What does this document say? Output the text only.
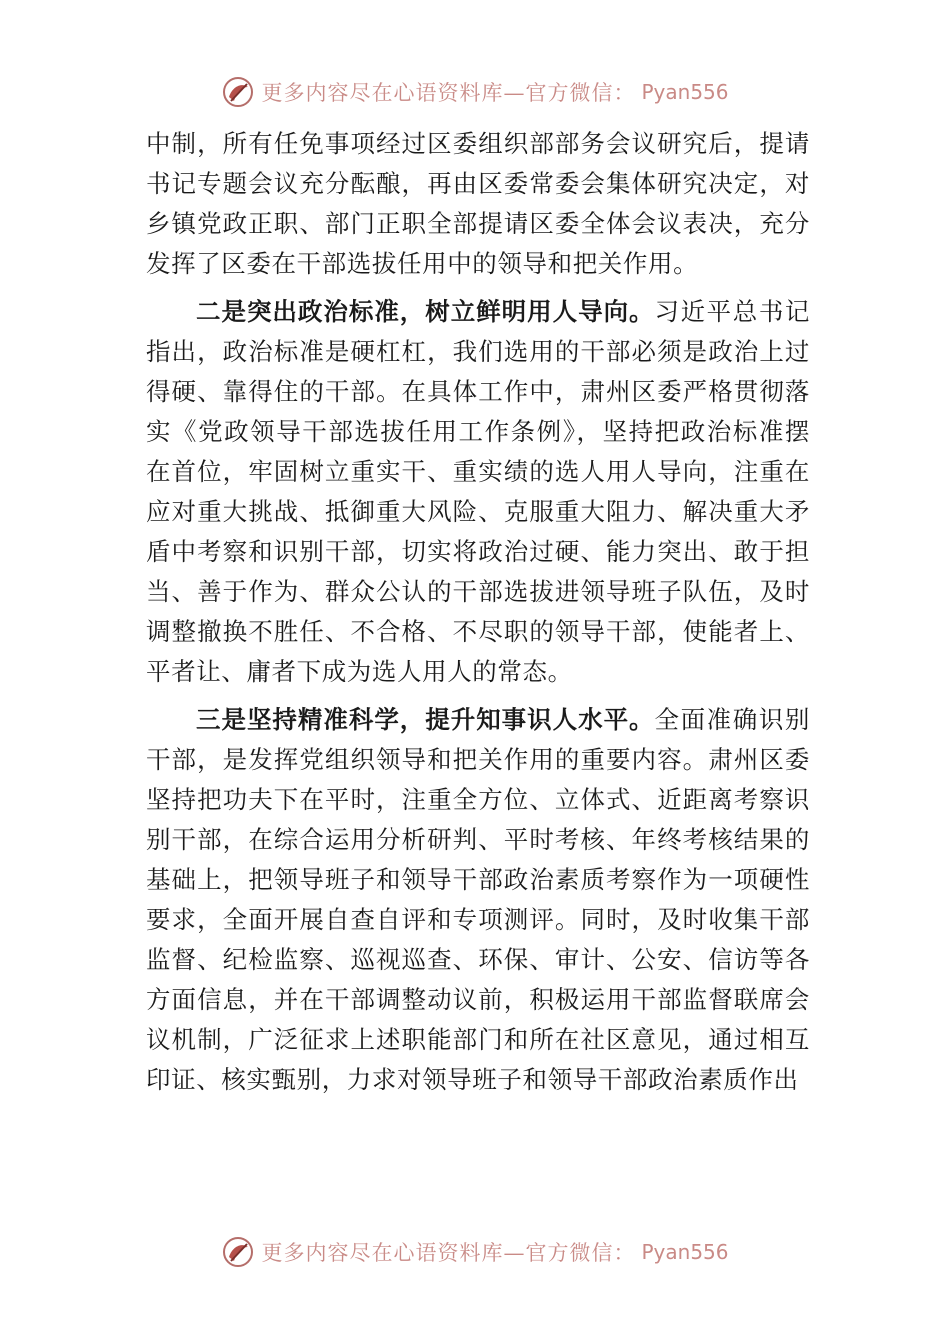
更多内容尽在心语资料库—官方微信： Pyan556

中制，所有任免事项经过区委组织部部务会议研究后，提请书记专题会议充分酝酿，再由区委常委会集体研究决定，对乡镇党政正职、部门正职全部提请区委全体会议表决，充分发挥了区委在干部选拔任用中的领导和把关作用。

二是突出政治标准，树立鲜明用人导向。习近平总书记指出，政治标准是硬杠杠，我们选用的干部必须是政治上过得硬、靠得住的干部。在具体工作中，肃州区委严格贯彻落实《党政领导干部选拔任用工作条例》，坚持把政治标准摆在首位，牢固树立重实干、重实绩的选人用人导向，注重在应对重大挑战、抵御重大风险、克服重大阻力、解决重大矛盾中考察和识别干部，切实将政治过硬、能力突出、敢于担当、善于作为、群众公认的干部选拔进领导班子队伍，及时调整撤换不胜任、不合格、不尽职的领导干部，使能者上、平者让、庸者下成为选人用人的常态。

三是坚持精准科学，提升知事识人水平。全面准确识别干部，是发挥党组织领导和把关作用的重要内容。肃州区委坚持把功夫下在平时，注重全方位、立体式、近距离考察识别干部，在综合运用分析研判、平时考核、年终考核结果的基础上，把领导班子和领导干部政治素质考察作为一项硬性要求，全面开展自查自评和专项测评。同时，及时收集干部监督、纪检监察、巡视巡查、环保、审计、公安、信访等各方面信息，并在干部调整动议前，积极运用干部监督联席会议机制，广泛征求上述职能部门和所在社区意见，通过相互印证、核实甄别，力求对领导班子和领导干部政治素质作出

更多内容尽在心语资料库—官方微信： Pyan556
